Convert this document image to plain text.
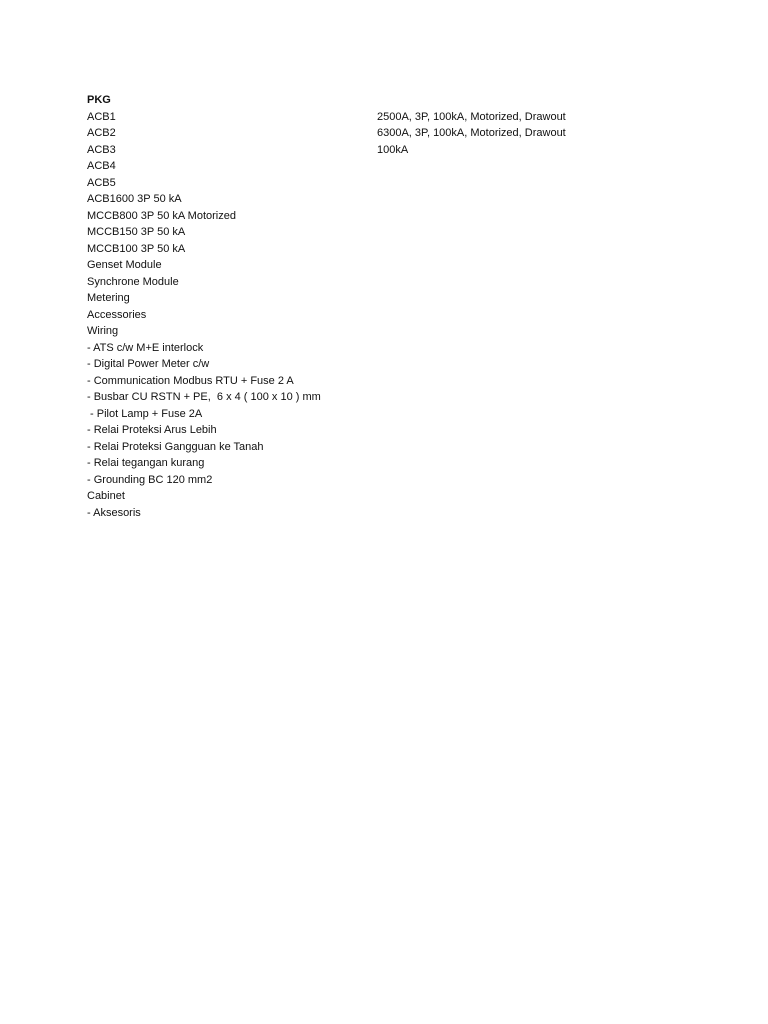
PKG
ACB1	2500A, 3P, 100kA, Motorized, Drawout
ACB2	6300A, 3P, 100kA, Motorized, Drawout
ACB3	100kA
ACB4
ACB5
ACB1600 3P 50 kA
MCCB800 3P 50 kA Motorized
MCCB150 3P 50 kA
MCCB100 3P 50 kA
Genset Module
Synchrone Module
Metering
Accessories
Wiring
- ATS c/w M+E interlock
- Digital Power Meter c/w
- Communication Modbus RTU + Fuse 2 A
- Busbar CU RSTN + PE,  6 x 4 ( 100 x 10 ) mm
- Pilot Lamp + Fuse 2A
- Relai Proteksi Arus Lebih
- Relai Proteksi Gangguan ke Tanah
- Relai tegangan kurang
- Grounding BC 120 mm2
Cabinet
- Aksesoris
